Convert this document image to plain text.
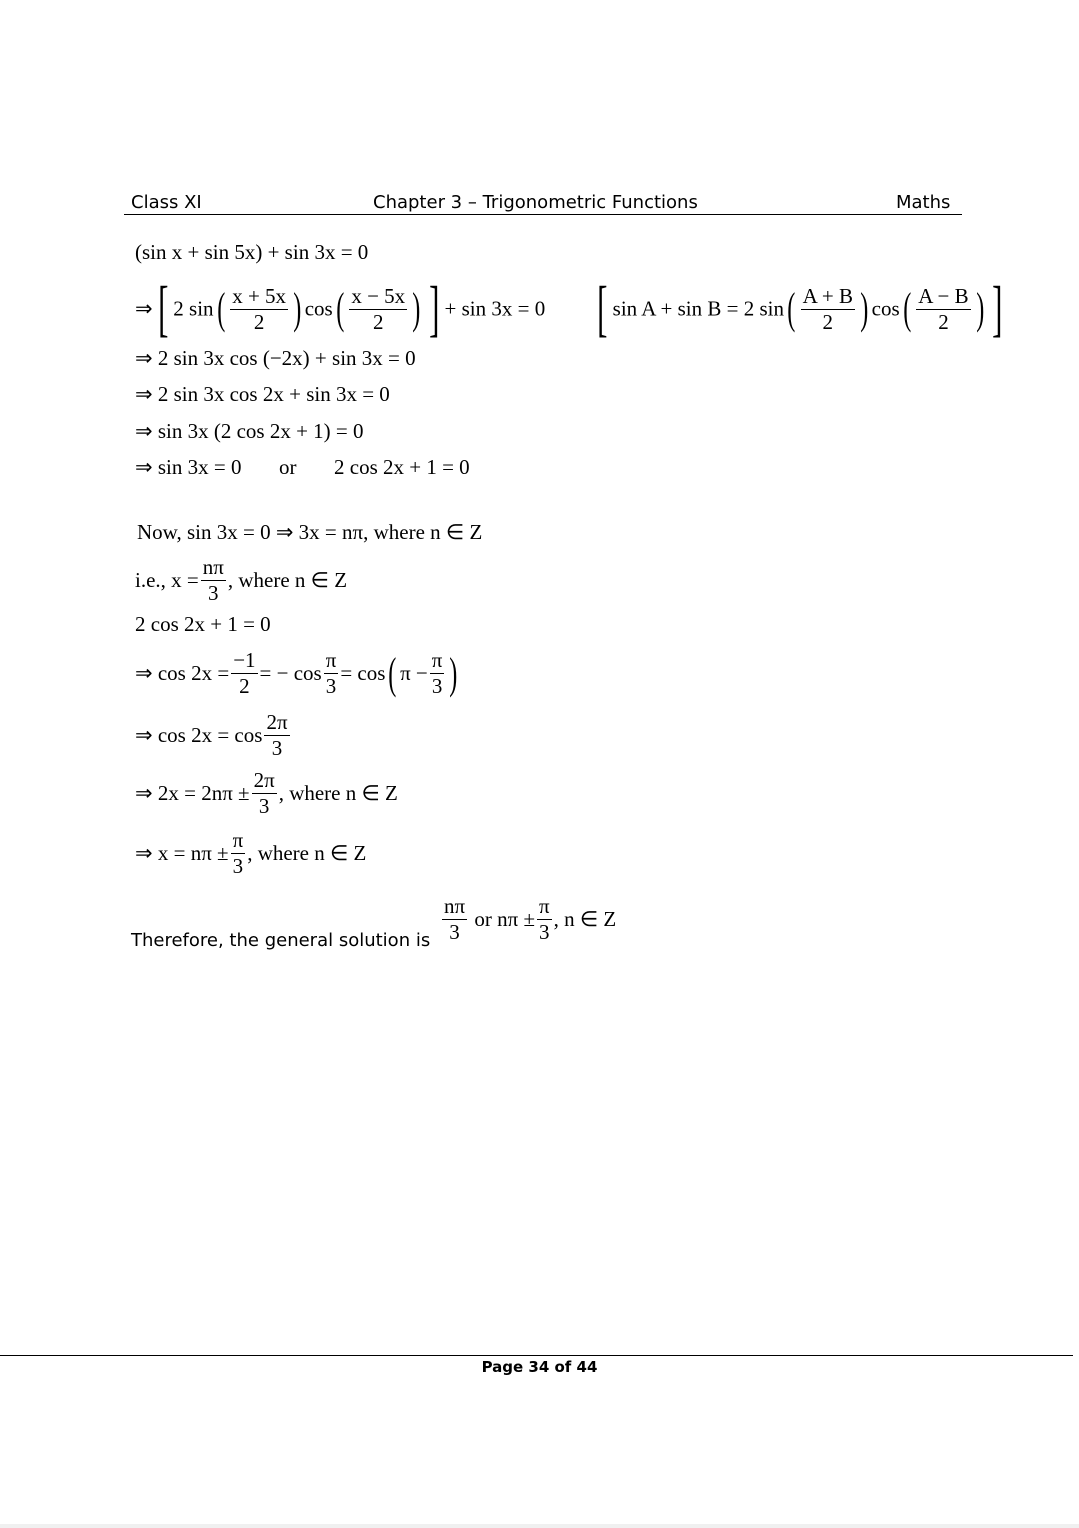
Class XI	Chapter 3 – Trigonometric Functions	Maths
(sin x + sin 5x) + sin 3x = 0
⇒[ 2 $\sin( \frac{x + 5x}{2}$ ) $\cos( \frac{x - 5x}{2}$ ) ] + sin 3x = 0 [ sin A + sin B = 2 $\sin( \frac{A + B}{2}$ ) $\cos( \frac{A - B}{2}$ ) ]
⇒ 2 sin 3x cos (−2x) + sin 3x = 0
⇒ 2 sin 3x cos 2x + sin 3x = 0
⇒ sin 3x (2 cos 2x + 1) = 0
⇒ sin 3x = 0 or 2 cos 2x + 1 = 0
Now, sin 3x = 0 ⇒ 3x = nπ, where n ∈ Z
i.e., $x = \frac{n\pi}{3}$ , where n ∈ Z
2 cos 2x + 1 = 0
⇒ $\cos 2x = \frac{-1}{2}$ = − $\cos \frac{\pi}{3} = \cos$( $\pi - \frac{\pi}{3}$ )
⇒ $\cos 2x = \cos \frac{2\pi}{3}$
⇒ $2x = 2n\pi \pm \frac{2\pi}{3}$ , where n ∈ Z
⇒ $x = n\pi \pm \frac{\pi}{3}$ , where n ∈ Z
Therefore, the general solution is $\frac{n\pi}{3}$ or $n\pi \pm \frac{\pi}{3}$ , n ∈ Z
Page 34 of 44
